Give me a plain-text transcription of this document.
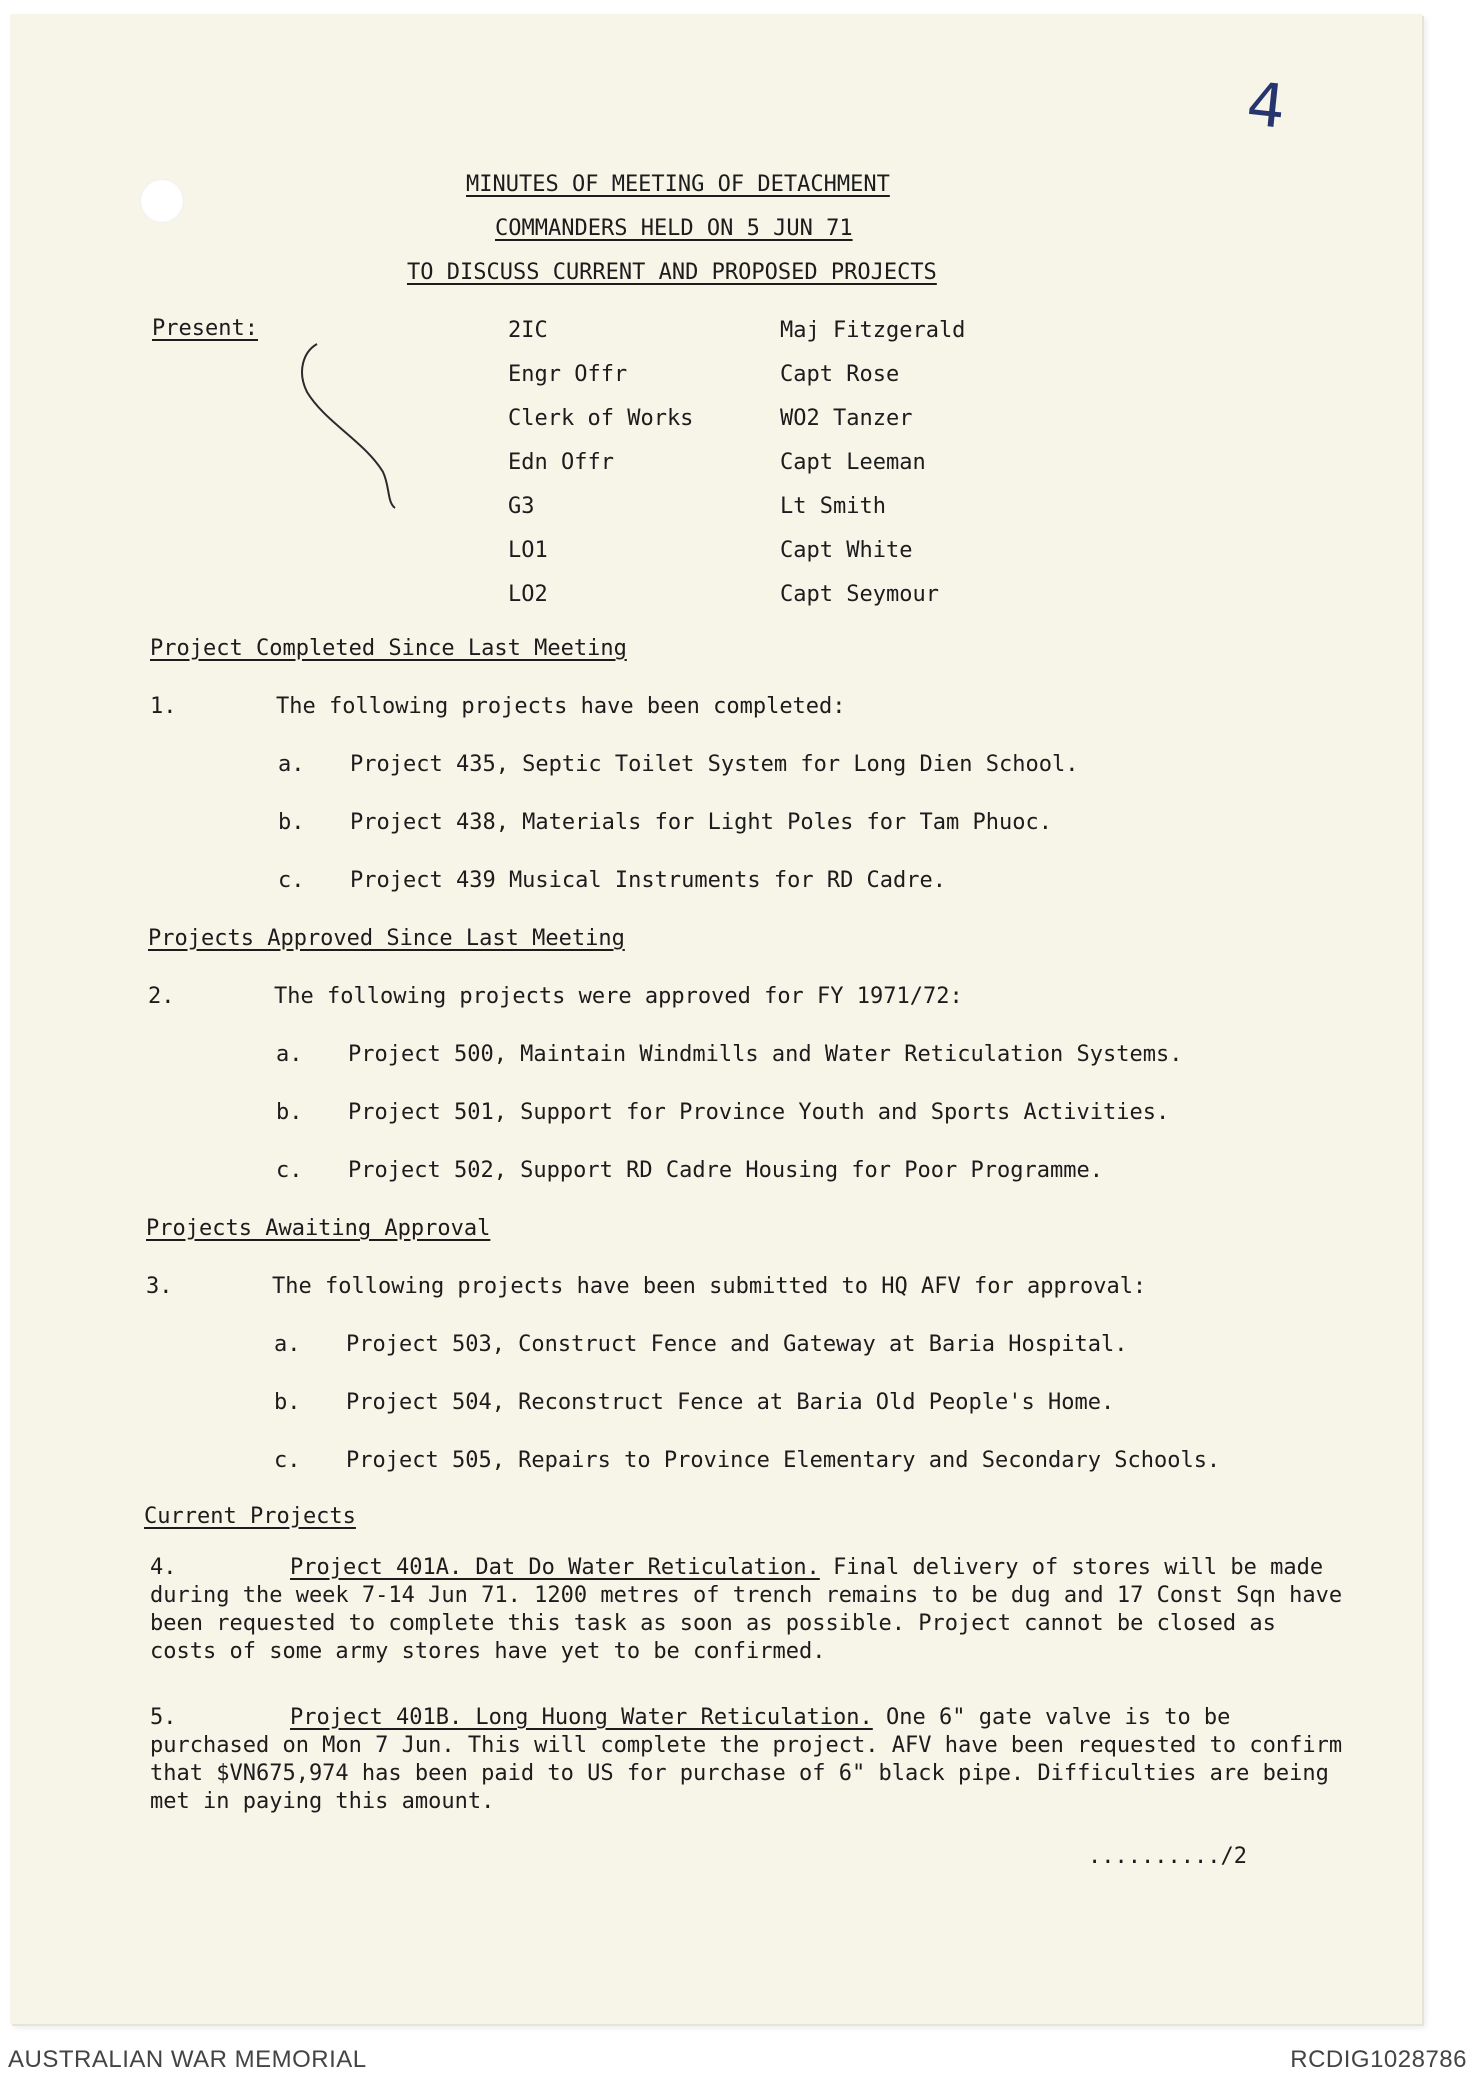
4
MINUTES OF MEETING OF DETACHMENT
COMMANDERS HELD ON 5 JUN 71
TO DISCUSS CURRENT AND PROPOSED PROJECTS
Present:	2IC	Maj Fitzgerald
Engr Offr	Capt Rose
Clerk of Works	WO2 Tanzer
Edn Offr	Capt Leeman
G3	Lt Smith
LO1	Capt White
LO2	Capt Seymour
Project Completed Since Last Meeting
1.	The following projects have been completed:
a. Project 435, Septic Toilet System for Long Dien School.
b. Project 438, Materials for Light Poles for Tam Phuoc.
c. Project 439 Musical Instruments for RD Cadre.
Projects Approved Since Last Meeting
2.	The following projects were approved for FY 1971/72:
a. Project 500, Maintain Windmills and Water Reticulation Systems.
b. Project 501, Support for Province Youth and Sports Activities.
c. Project 502, Support RD Cadre Housing for Poor Programme.
Projects Awaiting Approval
3.	The following projects have been submitted to HQ AFV for approval:
a. Project 503, Construct Fence and Gateway at Baria Hospital.
b. Project 504, Reconstruct Fence at Baria Old People's Home.
c. Project 505, Repairs to Province Elementary and Secondary Schools.
Current Projects
4.	Project 401A. Dat Do Water Reticulation. Final delivery of stores will be made during the week 7-14 Jun 71. 1200 metres of trench remains to be dug and 17 Const Sqn have been requested to complete this task as soon as possible. Project cannot be closed as costs of some army stores have yet to be confirmed.
5.	Project 401B. Long Huong Water Reticulation. One 6" gate valve is to be purchased on Mon 7 Jun. This will complete the project. AFV have been requested to confirm that $VN675,974 has been paid to US for purchase of 6" black pipe. Difficulties are being met in paying this amount.
........../2
AUSTRALIAN WAR MEMORIAL	RCDIG1028786
